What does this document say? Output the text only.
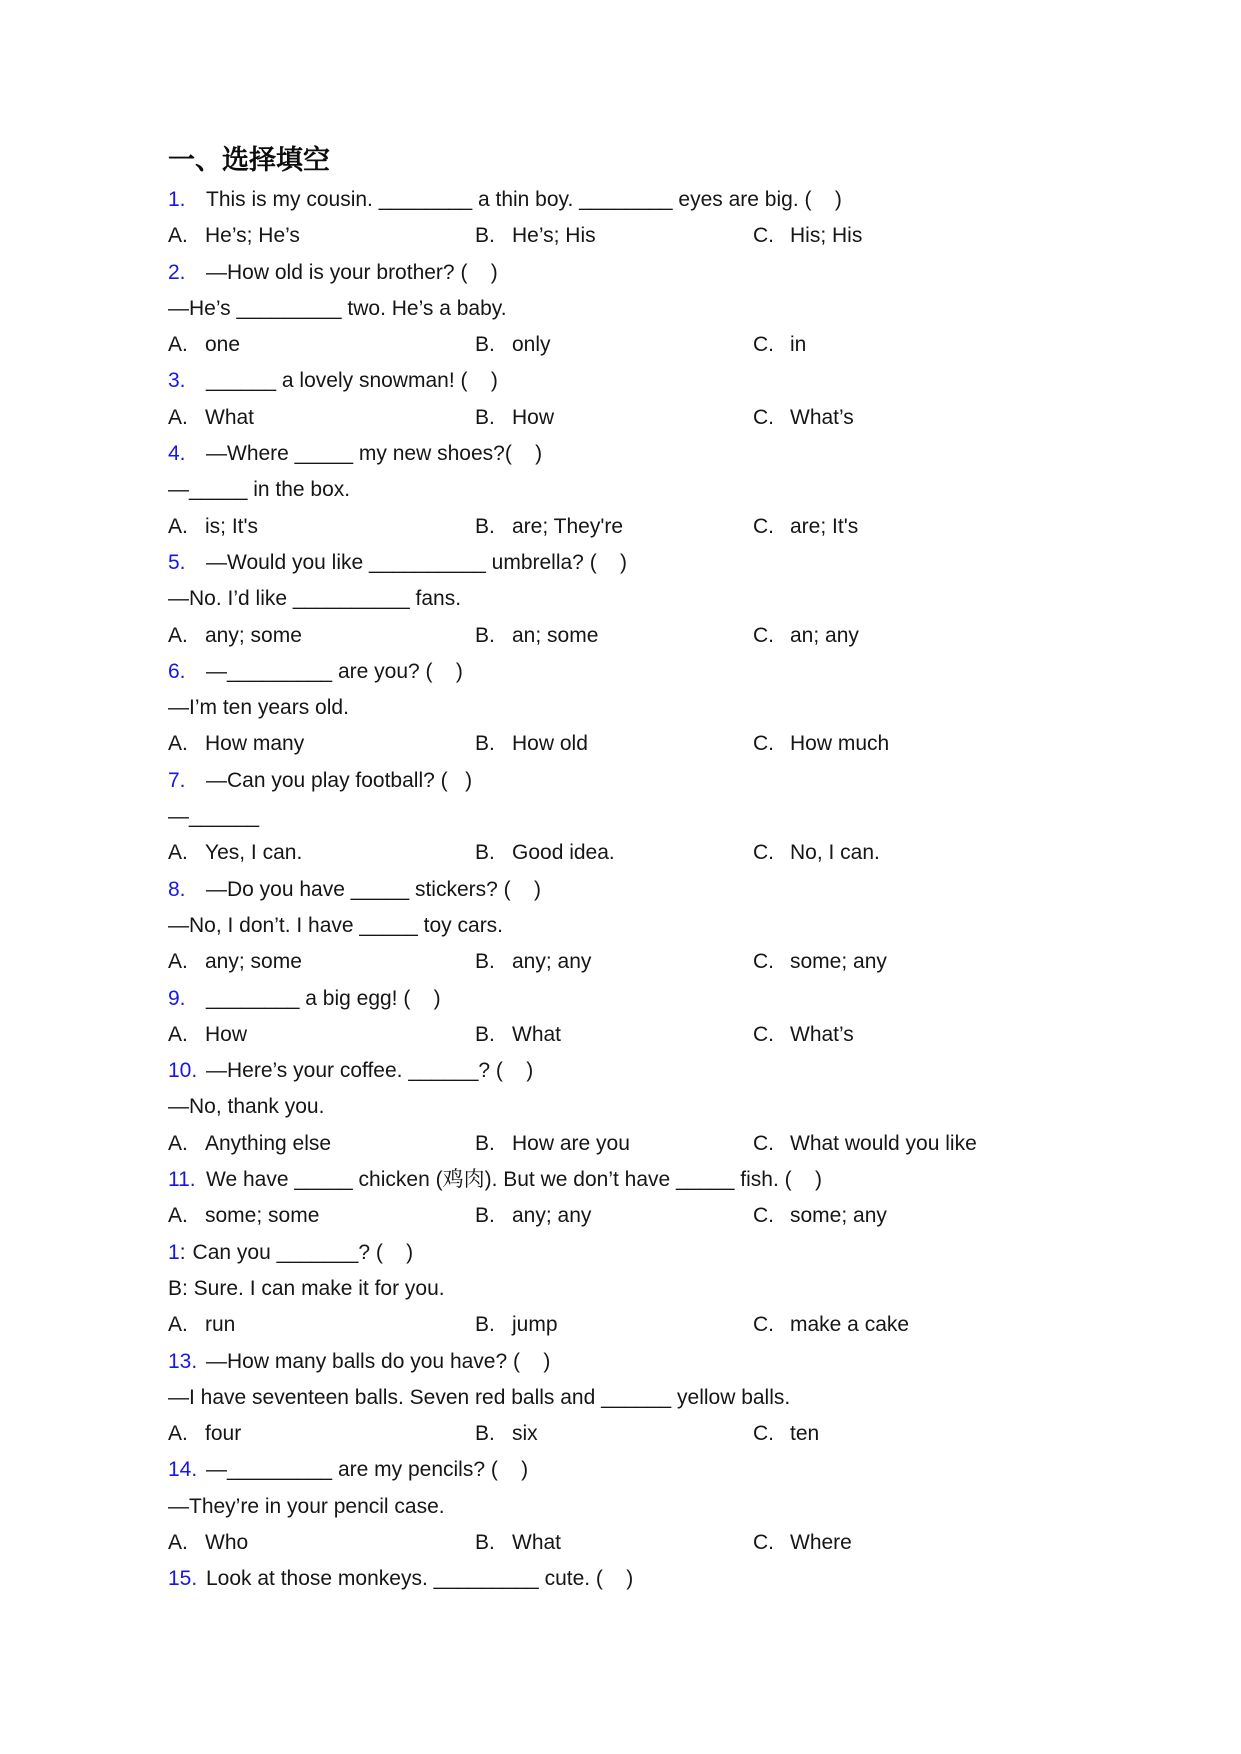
一、选择填空
1. This is my cousin. ________ a thin boy. ________ eyes are big. (    )
A. He’s; He’s	B. He’s; His	C. His; His
2. —How old is your brother? (    )
—He’s _________ two. He’s a baby.
A. one	B. only	C. in
3. ______ a lovely snowman! (    )
A. What	B. How	C. What’s
4. —Where _____ my new shoes?(    )
—_____ in the box.
A. is; It's	B. are; They're	C. are; It's
5. —Would you like __________ umbrella? (    )
—No. I’d like __________ fans.
A. any; some	B. an; some	C. an; any
6. —_________ are you? (    )
—I’m ten years old.
A. How many	B. How old	C. How much
7. —Can you play football? (   )
—______
A. Yes, I can.	B. Good idea.	C. No, I can.
8. —Do you have _____ stickers? (    )
—No, I don’t. I have _____ toy cars.
A. any; some	B. any; any	C. some; any
9. ________ a big egg! (    )
A. How	B. What	C. What’s
10. —Here’s your coffee. ______? (    )
—No, thank you.
A. Anything else	B. How are you	C. What would you like
11. We have _____ chicken (鸡肉). But we don’t have _____ fish. (    )
A. some; some	B. any; any	C. some; any
1: Can you _______? (    )
B: Sure. I can make it for you.
A. run	B. jump	C. make a cake
13. —How many balls do you have? (    )
—I have seventeen balls. Seven red balls and ______ yellow balls.
A. four	B. six	C. ten
14. —_________ are my pencils? (    )
—They’re in your pencil case.
A. Who	B. What	C. Where
15. Look at those monkeys. _________ cute. (    )
